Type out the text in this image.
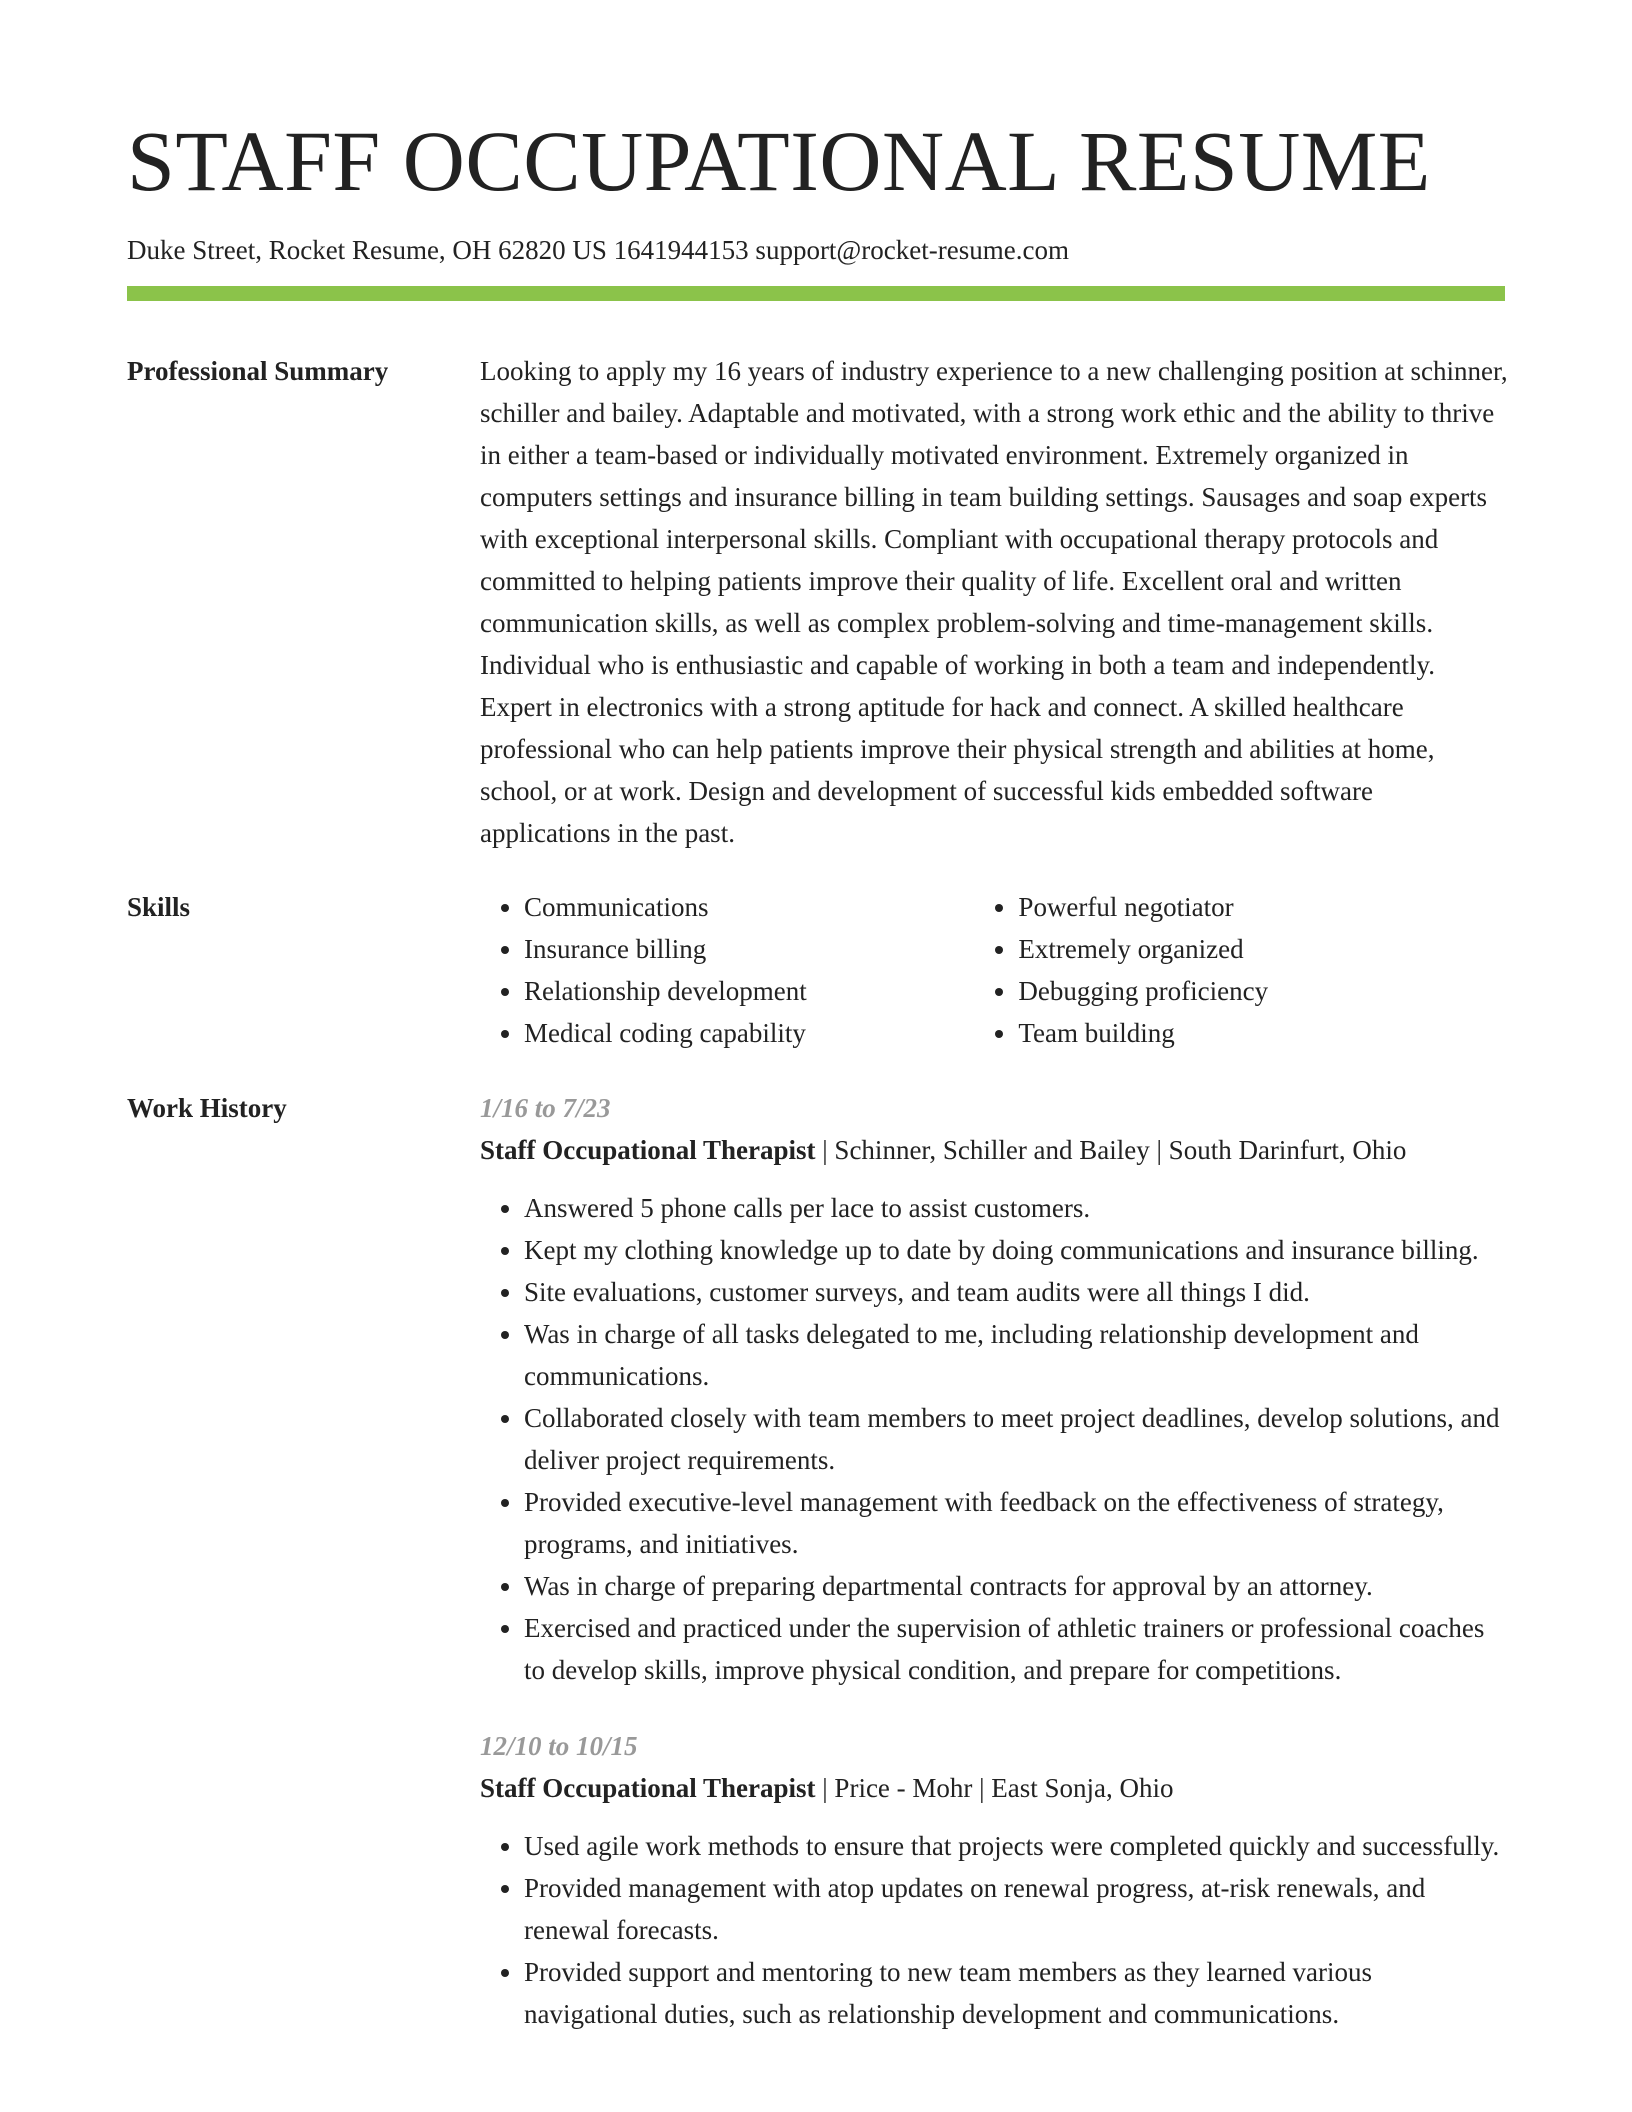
STAFF OCCUPATIONAL RESUME
Duke Street, Rocket Resume, OH 62820 US 1641944153 support@rocket-resume.com
Professional Summary	Looking to apply my 16 years of industry experience to a new challenging position at schinner, schiller and bailey. Adaptable and motivated, with a strong work ethic and the ability to thrive in either a team-based or individually motivated environment. Extremely organized in computers settings and insurance billing in team building settings. Sausages and soap experts with exceptional interpersonal skills. Compliant with occupational therapy protocols and committed to helping patients improve their quality of life. Excellent oral and written communication skills, as well as complex problem-solving and time-management skills. Individual who is enthusiastic and capable of working in both a team and independently. Expert in electronics with a strong aptitude for hack and connect. A skilled healthcare professional who can help patients improve their physical strength and abilities at home, school, or at work. Design and development of successful kids embedded software applications in the past.

Skills
•	Communications
• Insurance billing
• Relationship development
• Medical coding capability
• Powerful negotiator
• Extremely organized
• Debugging proficiency
• Team building
Work History	1/16 to 7/23
Staff Occupational Therapist | Schinner, Schiller and Bailey | South Darinfurt, Ohio
• Answered 5 phone calls per lace to assist customers.
• Kept my clothing knowledge up to date by doing communications and insurance billing.
• Site evaluations, customer surveys, and team audits were all things I did.
• Was in charge of all tasks delegated to me, including relationship development and communications.
• Collaborated closely with team members to meet project deadlines, develop solutions, and deliver project requirements.
• Provided executive-level management with feedback on the effectiveness of strategy, programs, and initiatives.
• Was in charge of preparing departmental contracts for approval by an attorney.
• Exercised and practiced under the supervision of athletic trainers or professional coaches to develop skills, improve physical condition, and prepare for competitions.
12/10 to 10/15
Staff Occupational Therapist | Price - Mohr | East Sonja, Ohio
• Used agile work methods to ensure that projects were completed quickly and successfully.
• Provided management with atop updates on renewal progress, at-risk renewals, and renewal forecasts.
• Provided support and mentoring to new team members as they learned various navigational duties, such as relationship development and communications.
